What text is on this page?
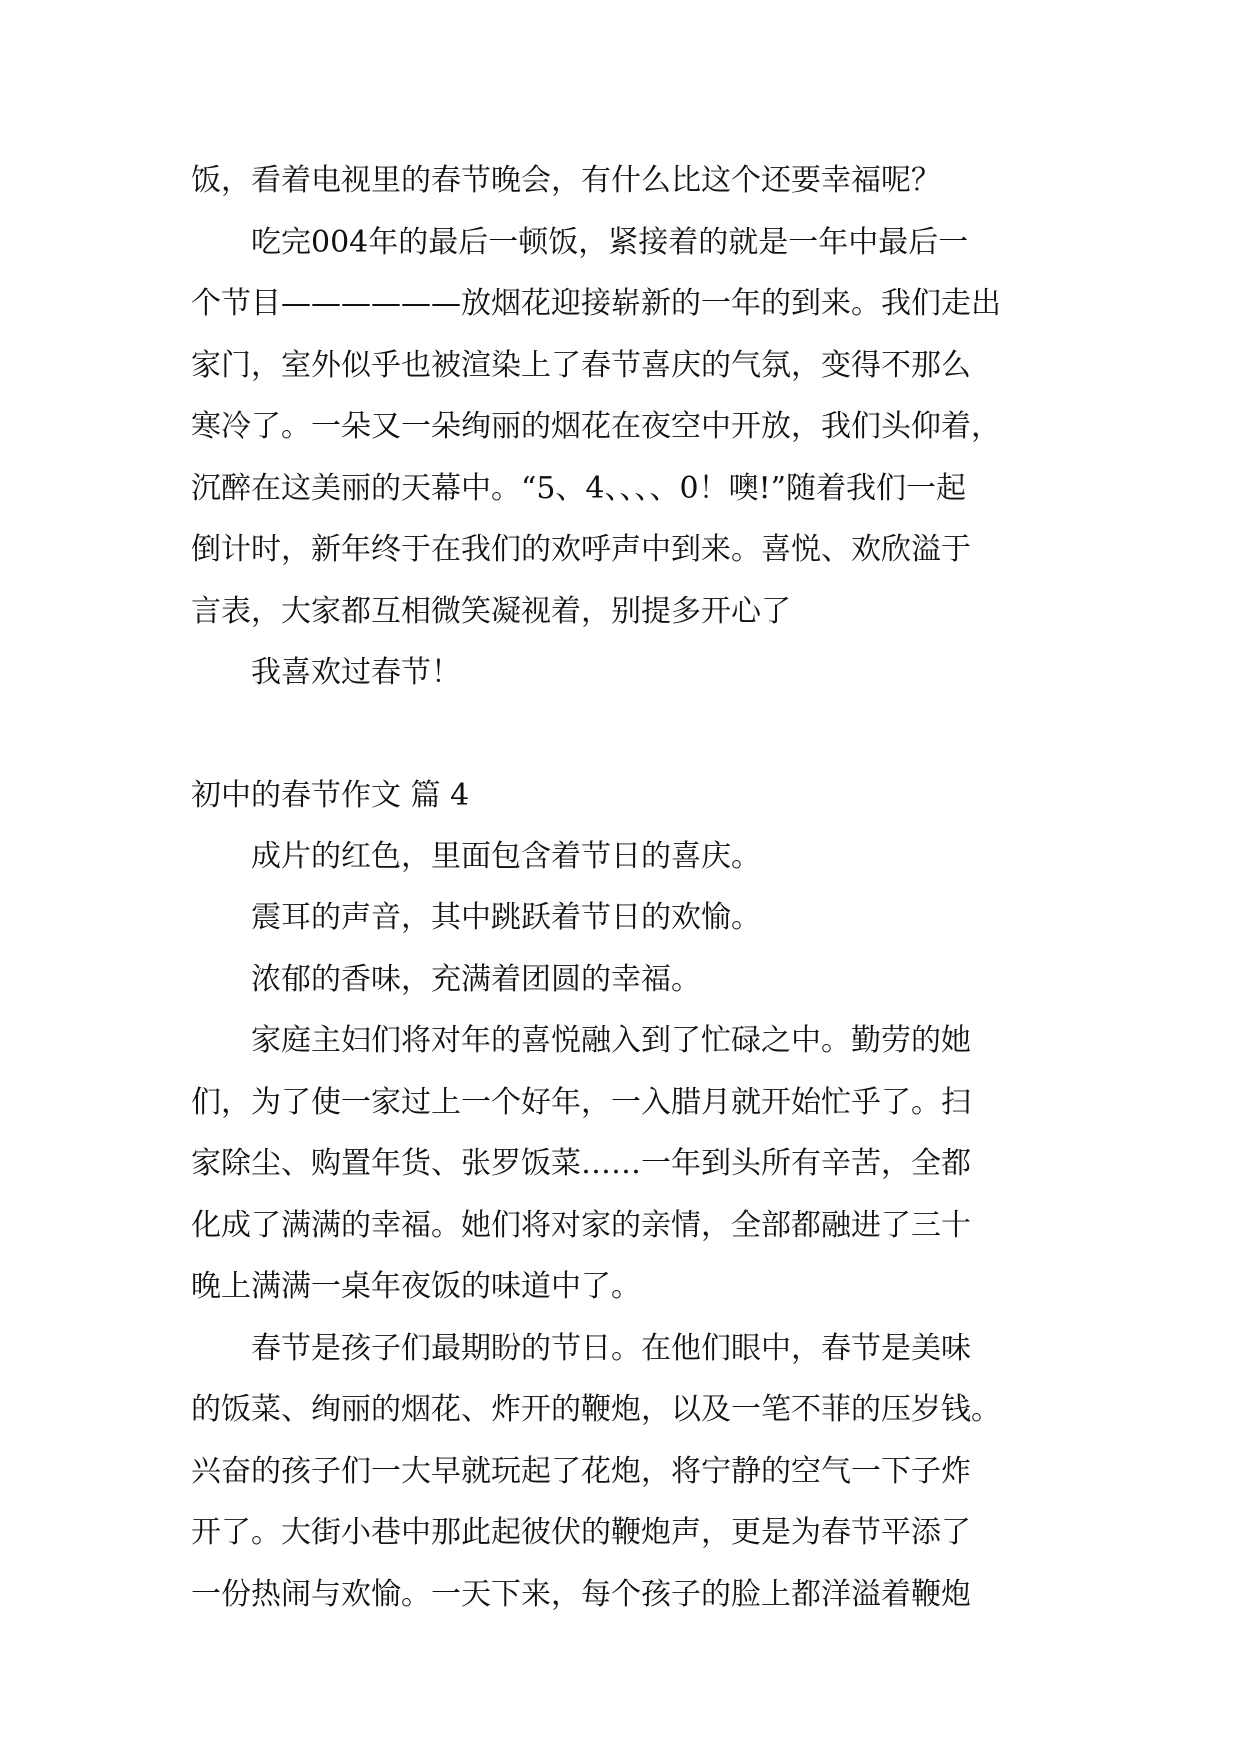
饭，看着电视里的春节晚会，有什么比这个还要幸福呢？
吃完004年的最后一顿饭，紧接着的就是一年中最后一
个节目——————放烟花迎接崭新的一年的到来。我们走出
家门，室外似乎也被渲染上了春节喜庆的气氛，变得不那么
寒冷了。一朵又一朵绚丽的烟花在夜空中开放，我们头仰着，
沉醉在这美丽的天幕中。“5、4、、、、0！噢!”随着我们一起
倒计时，新年终于在我们的欢呼声中到来。喜悦、欢欣溢于
言表，大家都互相微笑凝视着，别提多开心了
我喜欢过春节！
初中的春节作文 篇 4
成片的红色，里面包含着节日的喜庆。
震耳的声音，其中跳跃着节日的欢愉。
浓郁的香味，充满着团圆的幸福。
家庭主妇们将对年的喜悦融入到了忙碌之中。勤劳的她
们，为了使一家过上一个好年，一入腊月就开始忙乎了。扫
家除尘、购置年货、张罗饭菜……一年到头所有辛苦，全都
化成了满满的幸福。她们将对家的亲情，全部都融进了三十
晚上满满一桌年夜饭的味道中了。
春节是孩子们最期盼的节日。在他们眼中，春节是美味
的饭菜、绚丽的烟花、炸开的鞭炮，以及一笔不菲的压岁钱。
兴奋的孩子们一大早就玩起了花炮，将宁静的空气一下子炸
开了。大街小巷中那此起彼伏的鞭炮声，更是为春节平添了
一份热闹与欢愉。一天下来，每个孩子的脸上都洋溢着鞭炮
